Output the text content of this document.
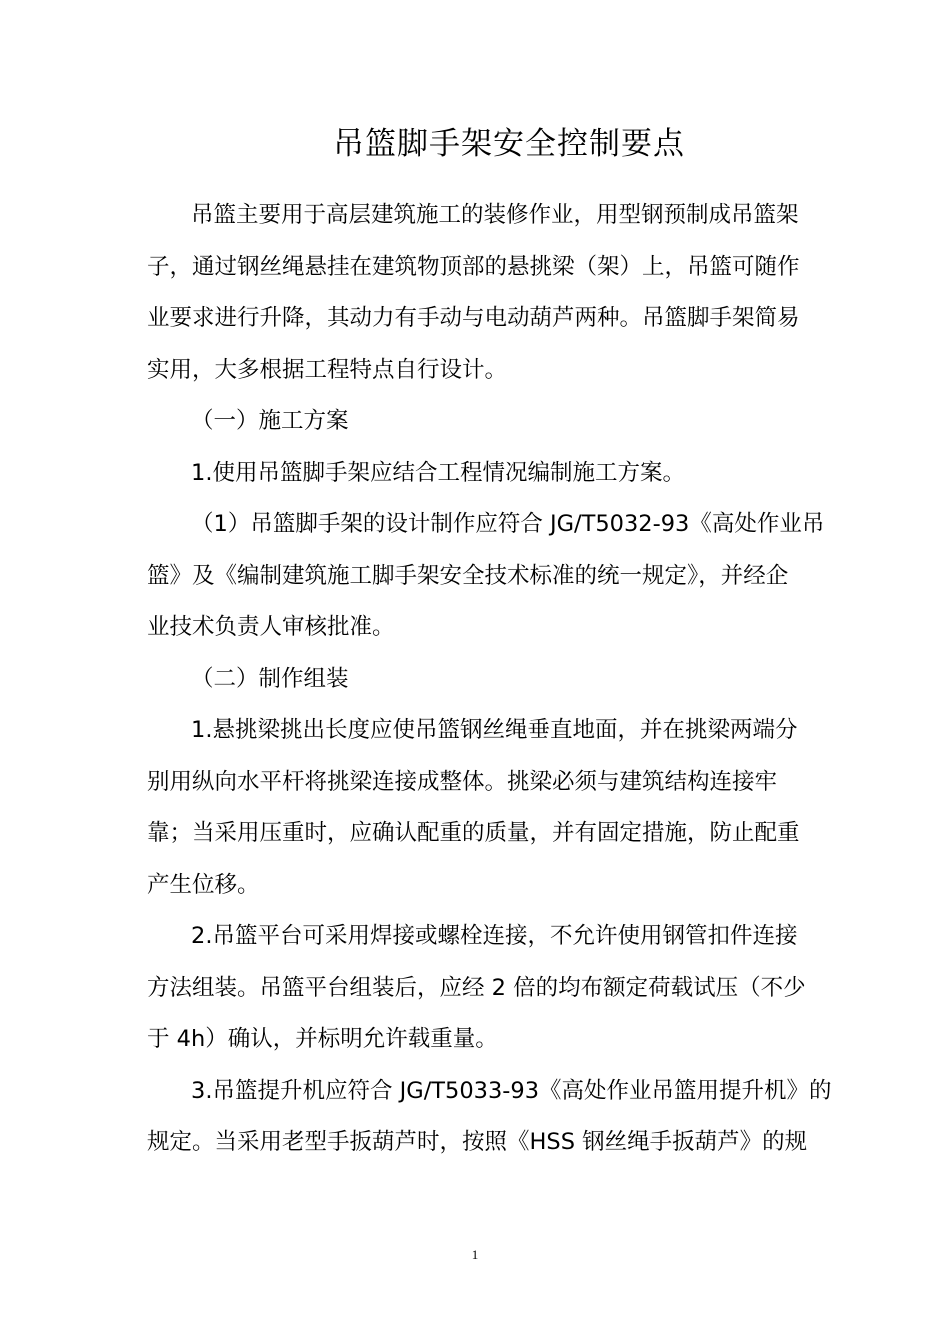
吊篮脚手架安全控制要点
吊篮主要用于高层建筑施工的装修作业，用型钢预制成吊篮架
子，通过钢丝绳悬挂在建筑物顶部的悬挑梁（架）上，吊篮可随作
业要求进行升降，其动力有手动与电动葫芦两种。吊篮脚手架简易
实用，大多根据工程特点自行设计。
（一）施工方案
1.使用吊篮脚手架应结合工程情况编制施工方案。
（1）吊篮脚手架的设计制作应符合 JG/T5032-93《高处作业吊
篮》及《编制建筑施工脚手架安全技术标准的统一规定》，并经企
业技术负责人审核批准。
（二）制作组装
1.悬挑梁挑出长度应使吊篮钢丝绳垂直地面，并在挑梁两端分
别用纵向水平杆将挑梁连接成整体。挑梁必须与建筑结构连接牢
靠；当采用压重时，应确认配重的质量，并有固定措施，防止配重
产生位移。
2.吊篮平台可采用焊接或螺栓连接，不允许使用钢管扣件连接
方法组装。吊篮平台组装后，应经 2 倍的均布额定荷载试压（不少
于 4h）确认，并标明允许载重量。
3.吊篮提升机应符合 JG/T5033-93《高处作业吊篮用提升机》的
规定。当采用老型手扳葫芦时，按照《HSS 钢丝绳手扳葫芦》的规
1
